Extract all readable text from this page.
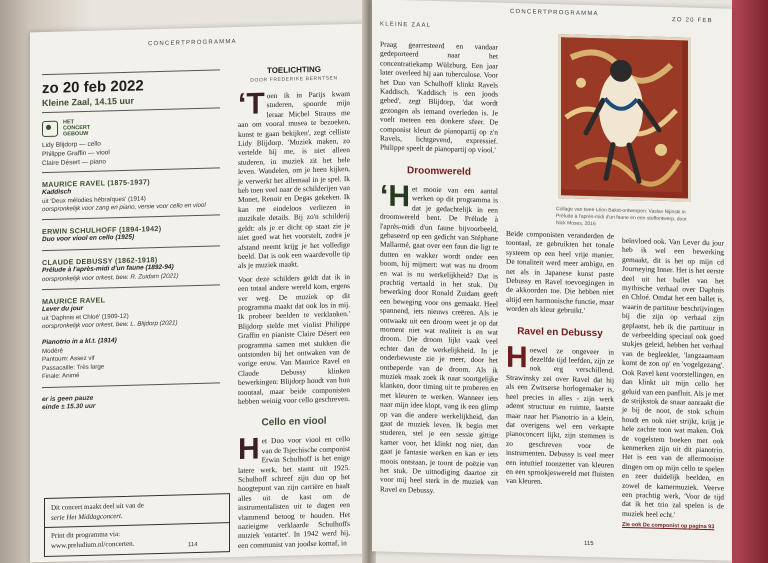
CONCERTPROGRAMMA
zo 20 feb 2022
Kleine Zaal, 14.15 uur
HET
CONCERT
GEBOUW
Lidy Blijdorp — cello
Philippe Graffin — viool
Claire Désert — piano
MAURICE RAVEL (1875-1937)
Kaddisch
uit 'Deux mélodies hébraïques' (1914)
oorspronkelijk voor zang en piano, versie voor cello en viool
ERWIN SCHULHOFF (1894-1942)
Duo voor viool en cello (1925)
CLAUDE DEBUSSY (1862-1918)
Prélude à l'après-midi d'un faune (1892-94)
oorspronkelijk voor orkest, bew. R. Zuidam (2021)
MAURICE RAVEL
Lever du jour
uit 'Daphnis et Chloé' (1909-12)
oorspronkelijk voor orkest, bew. L. Blijdorp (2021)
Pianotrio in a kl.t. (1914)
Modéré
Pantoum: Assez vif
Passacaille: Très large
Finale: Animé
er is geen pauze
einde ± 15.30 uur
Dit concert maakt deel uit van de
serie Het Middagconcert.
Print dit programma via:
www.preludium.nl/concerten.
TOELICHTING
DOOR FREDERIKE BERNTSEN
‘Toen ik in Parijs kwam studeren, spoorde mijn leraar Michel Strauss me aan om vooral musea te bezoeken, kunst te gaan bekijken', zegt celliste Lidy Blijdorp. 'Muziek maken, zo vertelde hij me, is niet alleen studeren, in muziek zit het hele leven. Wandelen, om je heen kijken, je verwerkt het allemaal in je spel. Ik heb toen veel naar de schilderijen van Monet, Renoir en Degas gekeken. Ik kan me eindeloos verliezen in muzikale details. Bij zo'n schilderij geldt: als je er dicht op staat zie je niet goed wat het voorstelt, zodra je afstand neemt krijg je het volledige beeld. Dat is ook een waardevolle tip als je muziek maakt.
Voor deze schilders geldt dat ik in een totaal andere wereld kom, ergens ver weg. De muziek op dit programma maakt dat ook los in mij. Ik probeer beelden te verklanken.' Blijdorp stelde met violist Philippe Graffin en pianiste Claire Désert een programma samen met stukken die ontstonden bij het ontwaken van de vorige eeuw. Van Maurice Ravel en Claude Debussy klinken bewerkingen: Blijdorp houdt van hun toontaal, maar beide componisten hebben weinig voor cello geschreven.
Cello en viool
Het Duo voor viool en cello van de Tsjechische componist Erwin Schulhoff is het enige latere werk, het stamt uit 1925. Schulhoff schreef zijn duo op het hoogtepunt van zijn carrière en haalt alles uit de kast om de instrumentalisten uit te dagen een vlammend betoog te houden. Het nazieigme verklaarde Schulhoffs muziek 'entartet'. In 1942 werd hij, een communist van joodse komaf, in
114
KLEINE ZAAL
CONCERTPROGRAMMA
ZO 20 FEB
Praag gearresteerd en vandaar gedeporteerd naar het concentratiekamp Wülzburg. Een jaar later overleed hij aan tuberculose. Voor het Duo van Schulhoff klinkt Ravels Kaddisch. 'Kaddisch is een joods gebed', zegt Blijdorp, 'dat wordt gezongen als iemand overleden is. Je voelt meteen een donkere sfeer. De componist kleurt de pianopartij op z'n Ravels, lichtgevend, expressief. Philippe speelt de pianopartij op viool.'
Droomwereld
‘Het mooie van een aantal werken op dit programma is dat je gedachtelijk in een droomwereld bent. De Prélude à l'après-midi d'un faune bijvoorbeeld, gebaseerd op een gedicht van Stéphane Mallarmé, gaat over een faun die ligt te dutten en wakker wordt onder een boom, hij mijmert: wat was nu droom en wat is nu werkelijkheid? Dat is prachtig vertaald in het stuk. Dit bewerking door Ronald Zuidam geeft een beweging voor ons gemaakt. Heel spannend, iets nieuws creëren. Als ie ontwaakt uit een droom weet je op dat moment niet wat realiteit is en wat droom. Die droom lijkt vaak veel echter dan de werkelijkheid. In je onderbewuste zie je meer, door het ontbeperde van de droom. Als ik muziek maak zoek ik naar soortgelijke klanken, door timing uit te proberen en met kleuren te werken. Wanneer iets naar mijn idee klopt, vang ik een glimp op van die andere werkelijkheid, dan gaat de muziek leven. Ik begin met studeren, stel je een sessie gittige kamer voor, het klinkt nog niet, dan gaat je fantasie werken en kan er iets moois ontstaan, je toont de poëzie van het stuk. De uitnodiging daartoe zit voor mij heel sterk in de muziek van Ravel en Debussy.
Collage van twee Léon Bakst-ontwerpen: Vaslav Nijinski in Prélude à l'après-midi d'un faune en een stoffontwerp, door Nick Moses, 2016
Beide componisten veranderden de toontaal, ze gebruikten het tonale systeem op een heel vrije manier. De tonaliteit werd meer ambigu, en net als in Japanese kunst paste Debussy en Ravel toevoegingen in de akkoorden toe. Die hebben niet altijd een harmonische functie, maar worden als kleur gebruikt.'
Ravel en Debussy
Hoewel ze ongeveer in dezelfde tijd leefden, zijn ze ook erg verschillend. Strawinsky zei over Ravel dat hij als een Zwitserse horlogemaker is, heel precies in alles - zijn werk ademt structuur en ruimte, laatste maar naar het Pianotrio in a klein, dat overigens wel een verkapte pianoconcert lijkt, zijn stemmen is zo geschreven voor de instrumenten. Debussy is veel meer een intuïtief toonzetter van kleuren en een sprookjeswereld met fluisten van kleuren.
beïnvloed ook. Van Lever du jour heb ik wel een bewerking gemaakt, dit is het op mijn cd Journeying Inner. Het is het eerste deel uit het ballet van het mythische verhaal over Daphnis en Chloé. Omdat het een ballet is, waarin de partituur beschrijvingen bij die zijn op verhaal zijn geplaatst, heb ik die partituur in de verbeelding speciaal ook goed stukjes geleid, hebben het verhaal van de begleeklet, 'langzaamaan komt de zon op' en 'vogelgezang'. Ook Ravel kent voorstellingen, en dan klinkt uit mijn cello het geluid van een panfluit. Als je met de strijkstok de snaar aanraakt die je bij de noot, de stok schuin houdt en ook niet strijkt, krijg je hele zachte toon wat maken. Ook de vogelstem boeken met ook kenmerken zijn uit dit pianotrio. Het is een van de allermooiste dingen om op mijn cello te spelen en zeer duidelijk beelden, en zowel de kamermuziek. Veerve een prachtig werk, 'Voor de tijd dat ik het trio zal spelen is de muziek heel echt.'
Zie ook De componist op pagina 93
115
